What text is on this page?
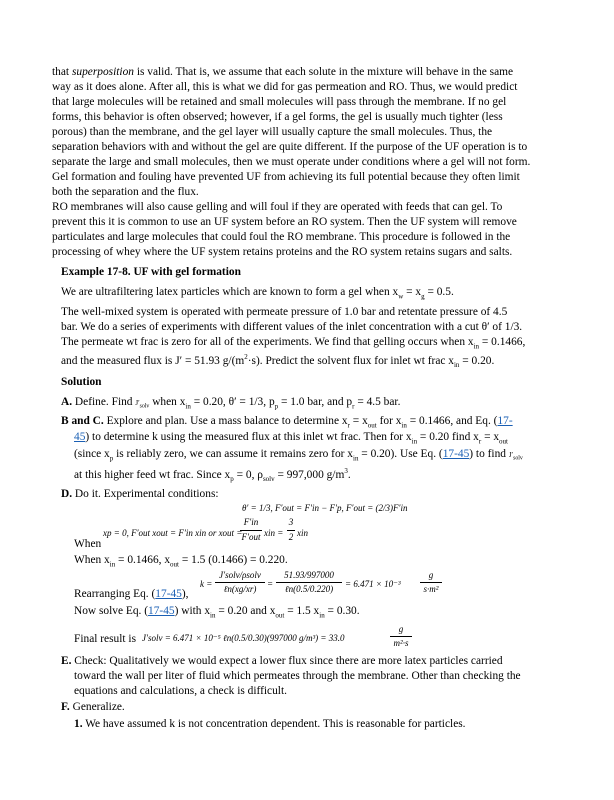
that superposition is valid. That is, we assume that each solute in the mixture will behave in the same
way as it does alone. After all, this is what we did for gas permeation and RO. Thus, we would predict
that large molecules will be retained and small molecules will pass through the membrane. If no gel
forms, this behavior is often observed; however, if a gel forms, the gel is usually much tighter (less
porous) than the membrane, and the gel layer will usually capture the small molecules. Thus, the
separation behaviors with and without the gel are quite different. If the purpose of the UF operation is to
separate the large and small molecules, then we must operate under conditions where a gel will not form.
Gel formation and fouling have prevented UF from achieving its full potential because they often limit
both the separation and the flux.
RO membranes will also cause gelling and will foul if they are operated with feeds that can gel. To
prevent this it is common to use an UF system before an RO system. Then the UF system will remove
particulates and large molecules that could foul the RO membrane. This procedure is followed in the
processing of whey where the UF system retains proteins and the RO system retains sugars and salts.
Example 17-8. UF with gel formation
We are ultrafiltering latex particles which are known to form a gel when $x_w = x_g = 0.5$.
The well-mixed system is operated with permeate pressure of 1.0 bar and retentate pressure of 4.5
bar. We do a series of experiments with different values of the inlet concentration with a cut θ′ of 1/3.
The permeate wt frac is zero for all of the experiments. We find that gelling occurs when $x_{in} = 0.1466$,
and the measured flux is J′ = 51.93 $g/(m^2\cdot s)$. Predict the solvent flux for inlet wt frac $x_{in} = 0.20$.
Solution
A. Define. Find $J'_{solv}$ when $x_{in} = 0.20$, θ′ = 1/3, $p_p = 1.0$ bar, and $p_r = 4.5$ bar.
B and C. Explore and plan. Use a mass balance to determine $x_r = x_{out}$ for $x_{in} = 0.1466$, and Eq. (17-
45) to determine k using the measured flux at this inlet wt frac. Then for $x_{in} = 0.20$ find $x_r = x_{out}$
(since $x_p$ is reliably zero, we can assume it remains zero for $x_{in} = 0.20$). Use Eq. (17-45) to find $J'_{solv}$
at this higher feed wt frac. Since $x_p = 0$, $\rho_{solv} = 997,000$ $g/m^3$.
D. Do it. Experimental conditions:
θ′ = 1/3, F′out = F′in − F′p, F′out = (2/3)F′in
xp = 0, F′out xout = F′in xin or xout =
F′in
F′out xin =
3
2 xin
When
When $x_{in} = 0.1466$, $x_{out} = 1.5$ (0.1466) = 0.220.
k =
J′solv/ρsolv
ℓn(xg/xr)	=
51.93/997000
ℓn(0.5/0.220)	= 6.471 × 10⁻³
g
s·m²
Rearranging Eq. (17-45),
Now solve Eq. (17-45) with $x_{in} = 0.20$ and $x_{out} = 1.5$ $x_{in} = 0.30$.
Final result is J′solv = 6.471 × 10⁻⁵ ℓn(0.5/0.30)(997000 g/m³) = 33.0
g
m²·s
E. Check: Qualitatively we would expect a lower flux since there are more latex particles carried
toward the wall per liter of fluid which permeates through the membrane. Other than checking the
equations and calculations, a check is difficult.
F. Generalize.
1. We have assumed k is not concentration dependent. This is reasonable for particles.
